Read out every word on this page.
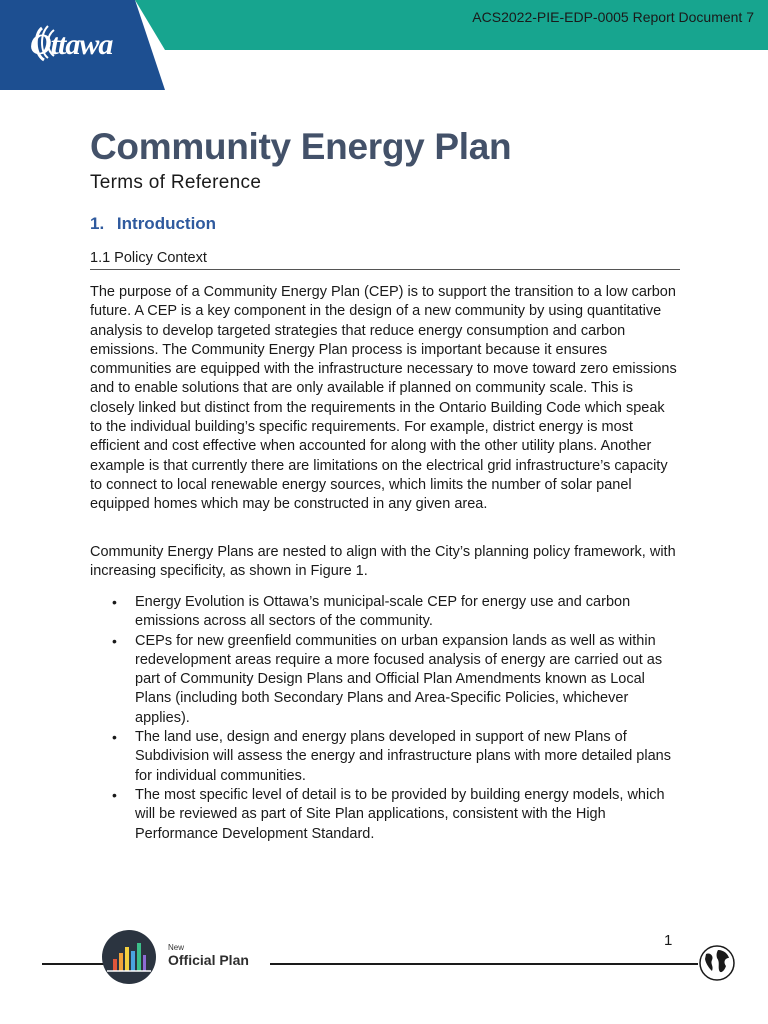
ACS2022-PIE-EDP-0005 Report Document 7
Ottawa
Community Energy Plan
Terms of Reference
1. Introduction
1.1 Policy Context

The purpose of a Community Energy Plan (CEP) is to support the transition to a low carbon future. A CEP is a key component in the design of a new community by using quantitative analysis to develop targeted strategies that reduce energy consumption and carbon emissions. The Community Energy Plan process is important because it ensures communities are equipped with the infrastructure necessary to move toward zero emissions and to enable solutions that are only available if planned on community scale. This is closely linked but distinct from the requirements in the Ontario Building Code which speak to the individual building’s specific requirements. For example, district energy is most efficient and cost effective when accounted for along with the other utility plans. Another example is that currently there are limitations on the electrical grid infrastructure’s capacity to connect to local renewable energy sources, which limits the number of solar panel equipped homes which may be constructed in any given area.

Community Energy Plans are nested to align with the City’s planning policy framework, with increasing specificity, as shown in Figure 1.

• Energy Evolution is Ottawa’s municipal-scale CEP for energy use and carbon emissions across all sectors of the community.
• CEPs for new greenfield communities on urban expansion lands as well as within redevelopment areas require a more focused analysis of energy are carried out as part of Community Design Plans and Official Plan Amendments known as Local Plans (including both Secondary Plans and Area-Specific Policies, whichever applies).
• The land use, design and energy plans developed in support of new Plans of Subdivision will assess the energy and infrastructure plans with more detailed plans for individual communities.
• The most specific level of detail is to be provided by building energy models, which will be reviewed as part of Site Plan applications, consistent with the High Performance Development Standard.
1
New
Official Plan
